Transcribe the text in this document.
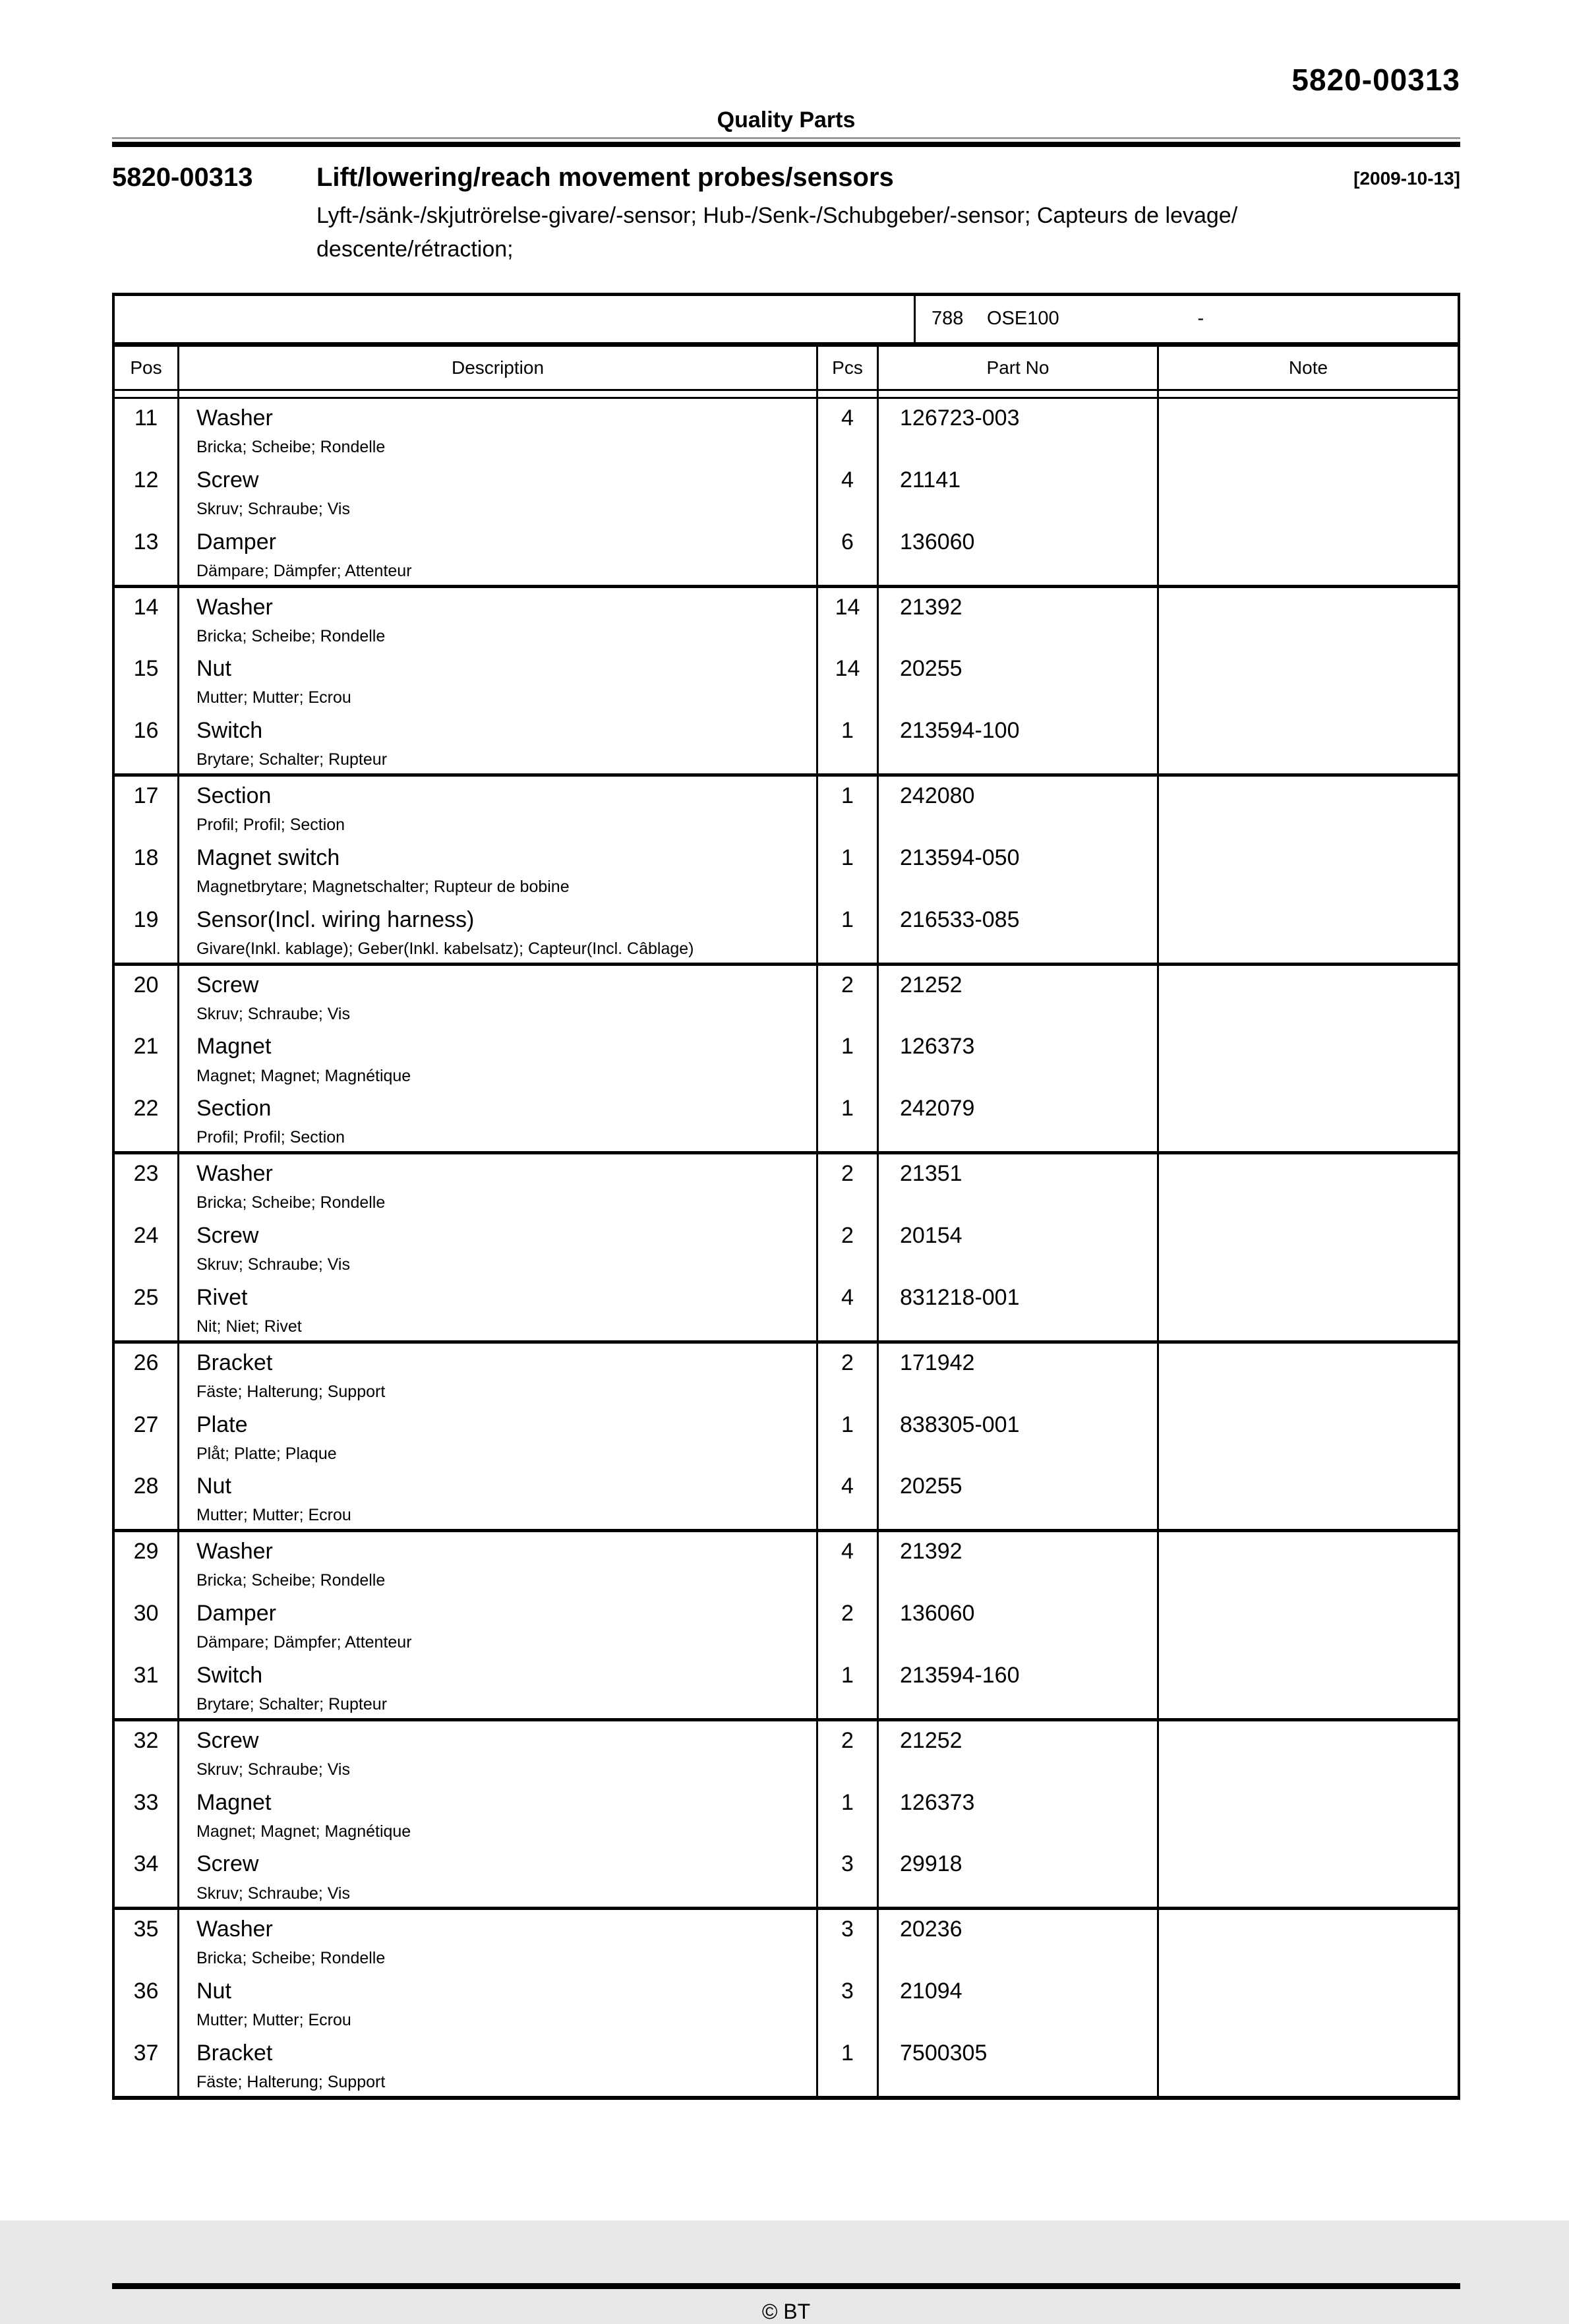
5820-00313
Quality Parts
5820-00313	Lift/lowering/reach movement probes/sensors	[2009-10-13]
Lyft-/sänk-/skjutrörelse-givare/-sensor; Hub-/Senk-/Schubgeber/-sensor; Capteurs de levage/
descente/rétraction;
788 OSE100	-
Pos	Description	Pcs	Part No	Note
11	Washer
Bricka; Scheibe; Rondelle
4	126723-003
12	Screw
Skruv; Schraube; Vis
4	21141
13	Damper
Dämpare; Dämpfer; Attenteur
6	136060
14	Washer
Bricka; Scheibe; Rondelle
14	21392
15	Nut
Mutter; Mutter; Ecrou
14	20255
16	Switch
Brytare; Schalter; Rupteur
1	213594-100
17	Section
Profil; Profil; Section
1	242080
18	Magnet switch
Magnetbrytare; Magnetschalter; Rupteur de bobine
1	213594-050
19	Sensor(Incl. wiring harness)
Givare(Inkl. kablage); Geber(Inkl. kabelsatz); Capteur(Incl. Câblage)
1	216533-085
20	Screw
Skruv; Schraube; Vis
2	21252
21	Magnet
Magnet; Magnet; Magnétique
1	126373
22	Section
Profil; Profil; Section
1	242079
23	Washer
Bricka; Scheibe; Rondelle
2	21351
24	Screw
Skruv; Schraube; Vis
2	20154
25	Rivet
Nit; Niet; Rivet
4	831218-001
26	Bracket
Fäste; Halterung; Support
2	171942
27	Plate
Plåt; Platte; Plaque
1	838305-001
28	Nut
Mutter; Mutter; Ecrou
4	20255
29	Washer
Bricka; Scheibe; Rondelle
4	21392
30	Damper
Dämpare; Dämpfer; Attenteur
2	136060
31	Switch
Brytare; Schalter; Rupteur
1	213594-160
32	Screw
Skruv; Schraube; Vis
2	21252
33	Magnet
Magnet; Magnet; Magnétique
1	126373
34	Screw
Skruv; Schraube; Vis
3	29918
35	Washer
Bricka; Scheibe; Rondelle
3	20236
36	Nut
Mutter; Mutter; Ecrou
3	21094
37	Bracket
Fäste; Halterung; Support
1	7500305
© BT
